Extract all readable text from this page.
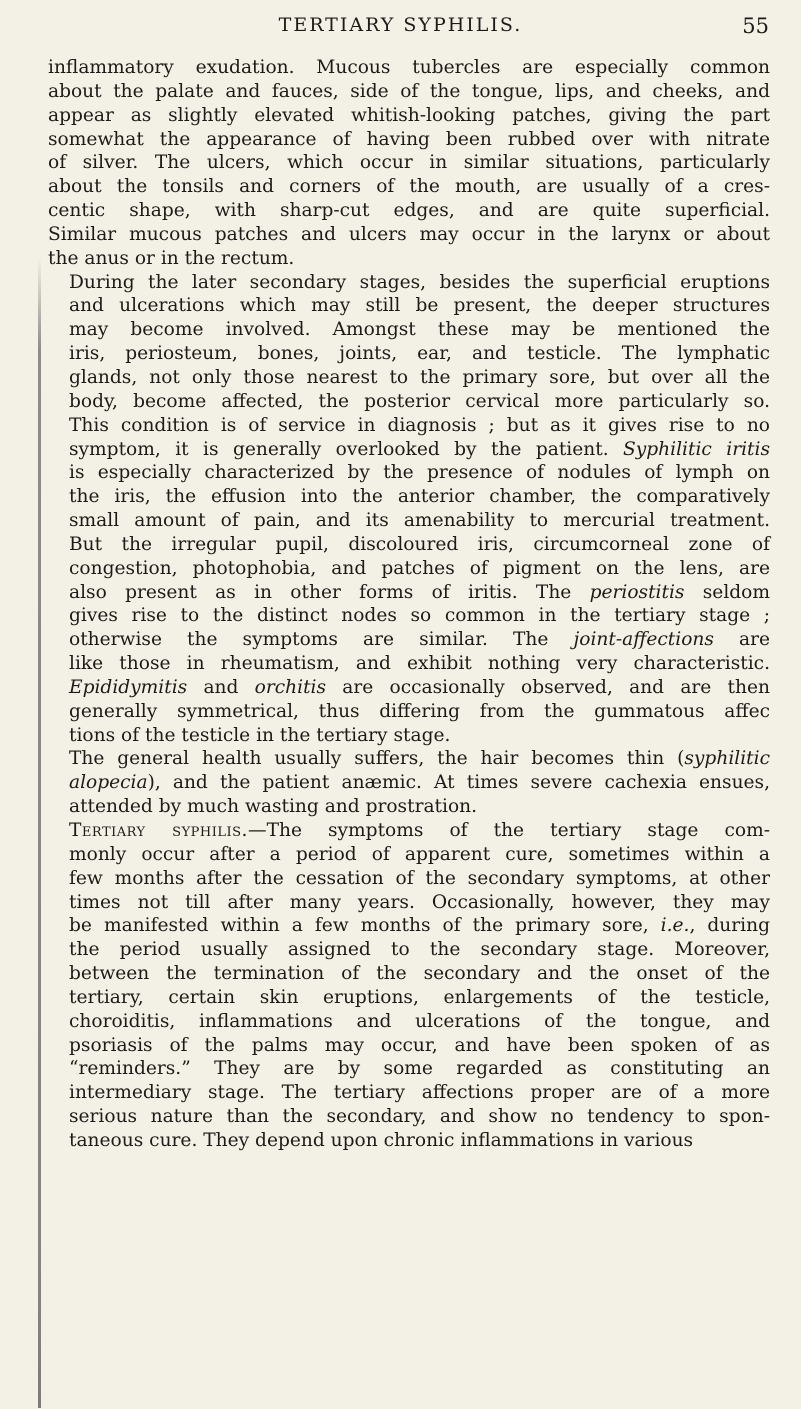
TERTIARY SYPHILIS.	55

inflammatory exudation. Mucous tubercles are especially common
about the palate and fauces, side of the tongue, lips, and cheeks, and
appear as slightly elevated whitish-looking patches, giving the part
somewhat the appearance of having been rubbed over with nitrate
of silver. The ulcers, which occur in similar situations, particularly
about the tonsils and corners of the mouth, are usually of a cres-
centic shape, with sharp-cut edges, and are quite superficial.
Similar mucous patches and ulcers may occur in the larynx or about
the anus or in the rectum.

During the later secondary stages, besides the superficial eruptions
and ulcerations which may still be present, the deeper structures
may become involved. Amongst these may be mentioned the
iris, periosteum, bones, joints, ear, and testicle. The lymphatic
glands, not only those nearest to the primary sore, but over all the
body, become affected, the posterior cervical more particularly so.
This condition is of service in diagnosis ; but as it gives rise to no
symptom, it is generally overlooked by the patient. Syphilitic iritis
is especially characterized by the presence of nodules of lymph on
the iris, the effusion into the anterior chamber, the comparatively
small amount of pain, and its amenability to mercurial treatment.
But the irregular pupil, discoloured iris, circumcorneal zone of
congestion, photophobia, and patches of pigment on the lens, are
also present as in other forms of iritis. The periostitis seldom
gives rise to the distinct nodes so common in the tertiary stage ;
otherwise the symptoms are similar. The joint-affections are
like those in rheumatism, and exhibit nothing very characteristic.
Epididymitis and orchitis are occasionally observed, and are then
generally symmetrical, thus differing from the gummatous affec
tions of the testicle in the tertiary stage.

The general health usually suffers, the hair becomes thin (syphilitic
alopecia), and the patient anæmic. At times severe cachexia ensues,
attended by much wasting and prostration.

Tertiary syphilis.—The symptoms of the tertiary stage com-
monly occur after a period of apparent cure, sometimes within a
few months after the cessation of the secondary symptoms, at other
times not till after many years. Occasionally, however, they may
be manifested within a few months of the primary sore, i.e., during
the period usually assigned to the secondary stage. Moreover,
between the termination of the secondary and the onset of the
tertiary, certain skin eruptions, enlargements of the testicle,
choroiditis, inflammations and ulcerations of the tongue, and
psoriasis of the palms may occur, and have been spoken of as
“reminders.” They are by some regarded as constituting an
intermediary stage. The tertiary affections proper are of a more
serious nature than the secondary, and show no tendency to spon-
taneous cure. They depend upon chronic inflammations in various
